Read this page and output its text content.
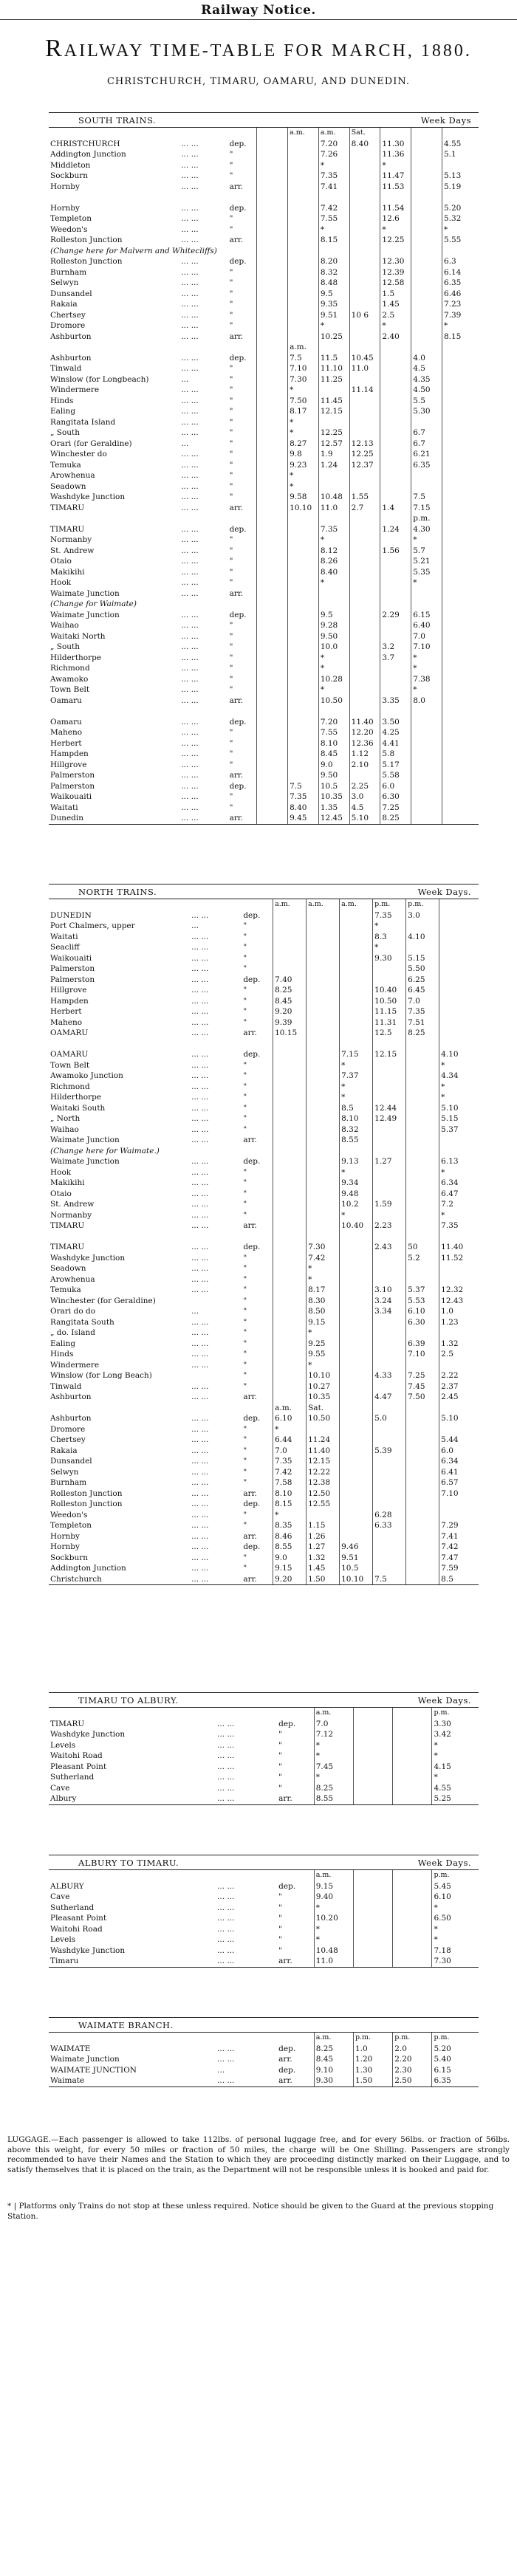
Railway Notice.
RAILWAY TIME-TABLE FOR MARCH, 1880.
CHRISTCHURCH, TIMARU, OAMARU, AND DUNEDIN.
SOUTH TRAINS.	Week Days
				a.m.	a.m.	Sat.			
CHRISTCHURCH	... ...	dep.			7.20	8.40	11.30		4.55
Addington Junction	... ...	"			7.26		11.36		5.1
Middleton	... ...	"			*		*		
Sockburn	... ...	"			7.35		11.47		5.13
Hornby	... ...	arr.			7.41		11.53		5.19

Hornby	... ...	dep.			7.42		11.54		5.20
Templeton	... ...	"			7.55		12.6		5.32
Weedon's	... ...	"			*		*		*
Rolleston Junction	... ...	arr.			8.15		12.25		5.55
(Change here for Malvern and Whitecliffs)									
Rolleston Junction	... ...	dep.			8.20		12.30		6.3
Burnham	... ...	"			8.32		12.39		6.14
Selwyn	... ...	"			8.48		12.58		6.35
Dunsandel	... ...	"			9.5		1.5		6.46
Rakaia	... ...	"			9.35		1.45		7.23
Chertsey	... ...	"			9.51	10 6	2.5		7.39
Dromore	... ...	"			*		*		*
Ashburton	... ...	arr.			10.25		2.40		8.15
				a.m.					
Ashburton	... ...	dep.		7.5	11.5	10.45		4.0	
Tinwald	... ...	"		7.10	11.10	11.0		4.5	
Winslow (for Longbeach)	...	"		7.30	11.25			4.35	
Windermere	... ...	"		*		11.14		4.50	
Hinds	... ...	"		7.50	11.45			5.5	
Ealing	... ...	"		8.17	12.15			5.30	
Rangitata Island	... ...	"		*					
„ South	... ...	"		*	12.25			6.7	
Orari (for Geraldine)	...	"		8.27	12.57	12.13		6.7	
Winchester do	... ...	"		9.8	1.9	12.25		6.21	
Temuka	... ...	"		9.23	1.24	12.37		6.35	
Arowhenua	... ...	"		*					
Seadown	... ...	"		*					
Washdyke Junction	... ...	"		9.58	10.48	1.55		7.5	
TIMARU	... ...	arr.		10.10	11.0	2.7	1.4	7.15	
								p.m.	
TIMARU	... ...	dep.			7.35		1.24	4.30	
Normanby	... ...	"			*			*	
St. Andrew	... ...	"			8.12		1.56	5.7	
Otaio	... ...	"			8.26			5.21	
Makikihi	... ...	"			8.40			5.35	
Hook	... ...	"			*			*	
Waimate Junction	... ...	arr.							
(Change for Waimate)									
Waimate Junction	... ...	dep.			9.5		2.29	6.15	
Waihao	... ...	"			9.28			6.40	
Waitaki North	... ...	"			9.50			7.0	
„ South	... ...	"			10.0		3.2	7.10	
Hilderthorpe	... ...	"			*		3.7	*	
Richmond	... ...	"			*			*	
Awamoko	... ...	"			10.28			7.38	
Town Belt	... ...	"			*			*	
Oamaru	... ...	arr.			10.50		3.35	8.0	

Oamaru	... ...	dep.			7.20	11.40	3.50		
Maheno	... ...	"			7.55	12.20	4.25		
Herbert	... ...	"			8.10	12.36	4.41		
Hampden	... ...	"			8.45	1.12	5.8		
Hillgrove	... ...	"			9.0	2.10	5.17		
Palmerston	... ...	arr.			9.50		5.58		
Palmerston	... ...	dep.		7.5	10.5	2.25	6.0		
Waikouaiti	... ...	"		7.35	10.35	3.0	6.30		
Waitati	... ...	"		8.40	1.35	4.5	7.25		
Dunedin	... ...	arr.		9.45	12.45	5.10	8.25		
NORTH TRAINS.	Week Days.
			a.m.	a.m.	a.m.	p.m.	p.m.	
DUNEDIN	... ...	dep.				7.35	3.0	
Port Chalmers, upper	...	"				*		
Waitati	... ...	"				8.3	4.10	
Seacliff	... ...	"				*		
Waikouaiti	... ...	"				9.30	5.15	
Palmerston	... ...	"					5.50	
Palmerston	... ...	dep.	7.40				6.25	
Hillgrove	... ...	"	8.25			10.40	6.45	
Hampden	... ...	"	8.45			10.50	7.0	
Herbert	... ...	"	9.20			11.15	7.35	
Maheno	... ...	"	9.39			11.31	7.51	
OAMARU	... ...	arr.	10.15			12.5	8.25	

OAMARU	... ...	dep.			7.15	12.15		4.10
Town Belt	... ...	"			*			*
Awamoko Junction	... ...	"			7.37			4.34
Richmond	... ...	"			*			*
Hilderthorpe	... ...	"			*			*
Waitaki South	... ...	"			8.5	12.44		5.10
„ North	... ...	"			8.10	12.49		5.15
Waihao	... ...	"			8.32			5.37
Waimate Junction	... ...	arr.			8.55			
(Change here for Waimate.)								
Waimate Junction	... ...	dep.			9.13	1.27		6.13
Hook	... ...	"			*			*
Makikihi	... ...	"			9.34			6.34
Otaio	... ...	"			9.48			6.47
St. Andrew	... ...	"			10.2	1.59		7.2
Normanby	... ...	"			*			*
TIMARU	... ...	arr.			10.40	2.23		7.35

TIMARU	... ...	dep.		7.30		2.43	50	11.40
Washdyke Junction	... ...	"		7.42			5.2	11.52
Seadown	... ...	"		*				
Arowhenua	... ...	"		*				
Temuka	... ...	"		8.17		3.10	5.37	12.32
Winchester (for Geraldine)		"		8.30		3.24	5.53	12.43
Orari do do	...	"		8.50		3.34	6.10	1.0
Rangitata South	... ...	"		9.15			6.30	1.23
„ do. Island	... ...	"		*				
Ealing	... ...	"		9.25			6.39	1.32
Hinds	... ...	"		9.55			7.10	2.5
Windermere	... ...	"		*				
Winslow (for Long Beach)		"		10.10		4.33	7.25	2.22
Tinwald	... ...	"		10.27			7.45	2.37
Ashburton	... ...	arr.		10.35		4.47	7.50	2.45
			a.m.	Sat.				
Ashburton	... ...	dep.	6.10	10.50		5.0		5.10
Dromore	... ...	"	*					
Chertsey	... ...	"	6.44	11.24				5.44
Rakaia	... ...	"	7.0	11.40		5.39		6.0
Dunsandel	... ...	"	7.35	12.15				6.34
Selwyn	... ...	"	7.42	12.22				6.41
Burnham	... ...	"	7.58	12.38				6.57
Rolleston Junction	... ...	arr.	8.10	12.50				7.10
Rolleston Junction	... ...	dep.	8.15	12.55				
Weedon's	... ...	"	*			6.28		
Templeton	... ...	"	8.35	1.15		6.33		7.29
Hornby	... ...	arr.	8.46	1.26				7.41
Hornby	... ...	dep.	8.55	1.27	9.46			7.42
Sockburn	... ...	"	9.0	1.32	9.51			7.47
Addington Junction	... ...	"	9.15	1.45	10.5			7.59
Christchurch	... ...	arr.	9.20	1.50	10.10	7.5		8.5
TIMARU TO ALBURY.	Week Days.
			a.m.			p.m.
TIMARU	... ...	dep.	7.0			3.30
Washdyke Junction	... ...	"	7.12			3.42
Levels	... ...	"	*			*
Waitohi Road	... ...	"	*			*
Pleasant Point	... ...	"	7.45			4.15
Sutherland	... ...	"	*			*
Cave	... ...	"	8.25			4.55
Albury	... ...	arr.	8.55			5.25
ALBURY TO TIMARU.	Week Days.
			a.m.			p.m.
ALBURY	... ...	dep.	9.15			5.45
Cave	... ...	"	9.40			6.10
Sutherland	... ...	"	*			*
Pleasant Point	... ...	"	10.20			6.50
Waitohi Road	... ...	"	*			*
Levels	... ...	"	*			*
Washdyke Junction	... ...	"	10.48			7.18
Timaru	... ...	arr.	11.0			7.30
WAIMATE BRANCH.
			a.m.	p.m.	p.m.	p.m.
WAIMATE	... ...	dep.	8.25	1.0	2.0	5.20
Waimate Junction	... ...	arr.	8.45	1.20	2.20	5.40
WAIMATE JUNCTION	...	dep.	9.10	1.30	2.30	6.15
Waimate	... ...	arr.	9.30	1.50	2.50	6.35
LUGGAGE.—Each passenger is allowed to take 112lbs. of personal luggage free, and for every 56lbs. or fraction of 56lbs. above this weight, for every 50 miles or fraction of 50 miles, the charge will be One Shilling. Passengers are strongly recommended to have their Names and the Station to which they are proceeding distinctly marked on their Luggage, and to satisfy themselves that it is placed on the train, as the Department will not be responsible unless it is booked and paid for.
* | Platforms only Trains do not stop at these unless required. Notice should be given to the Guard at the previous stopping Station.
